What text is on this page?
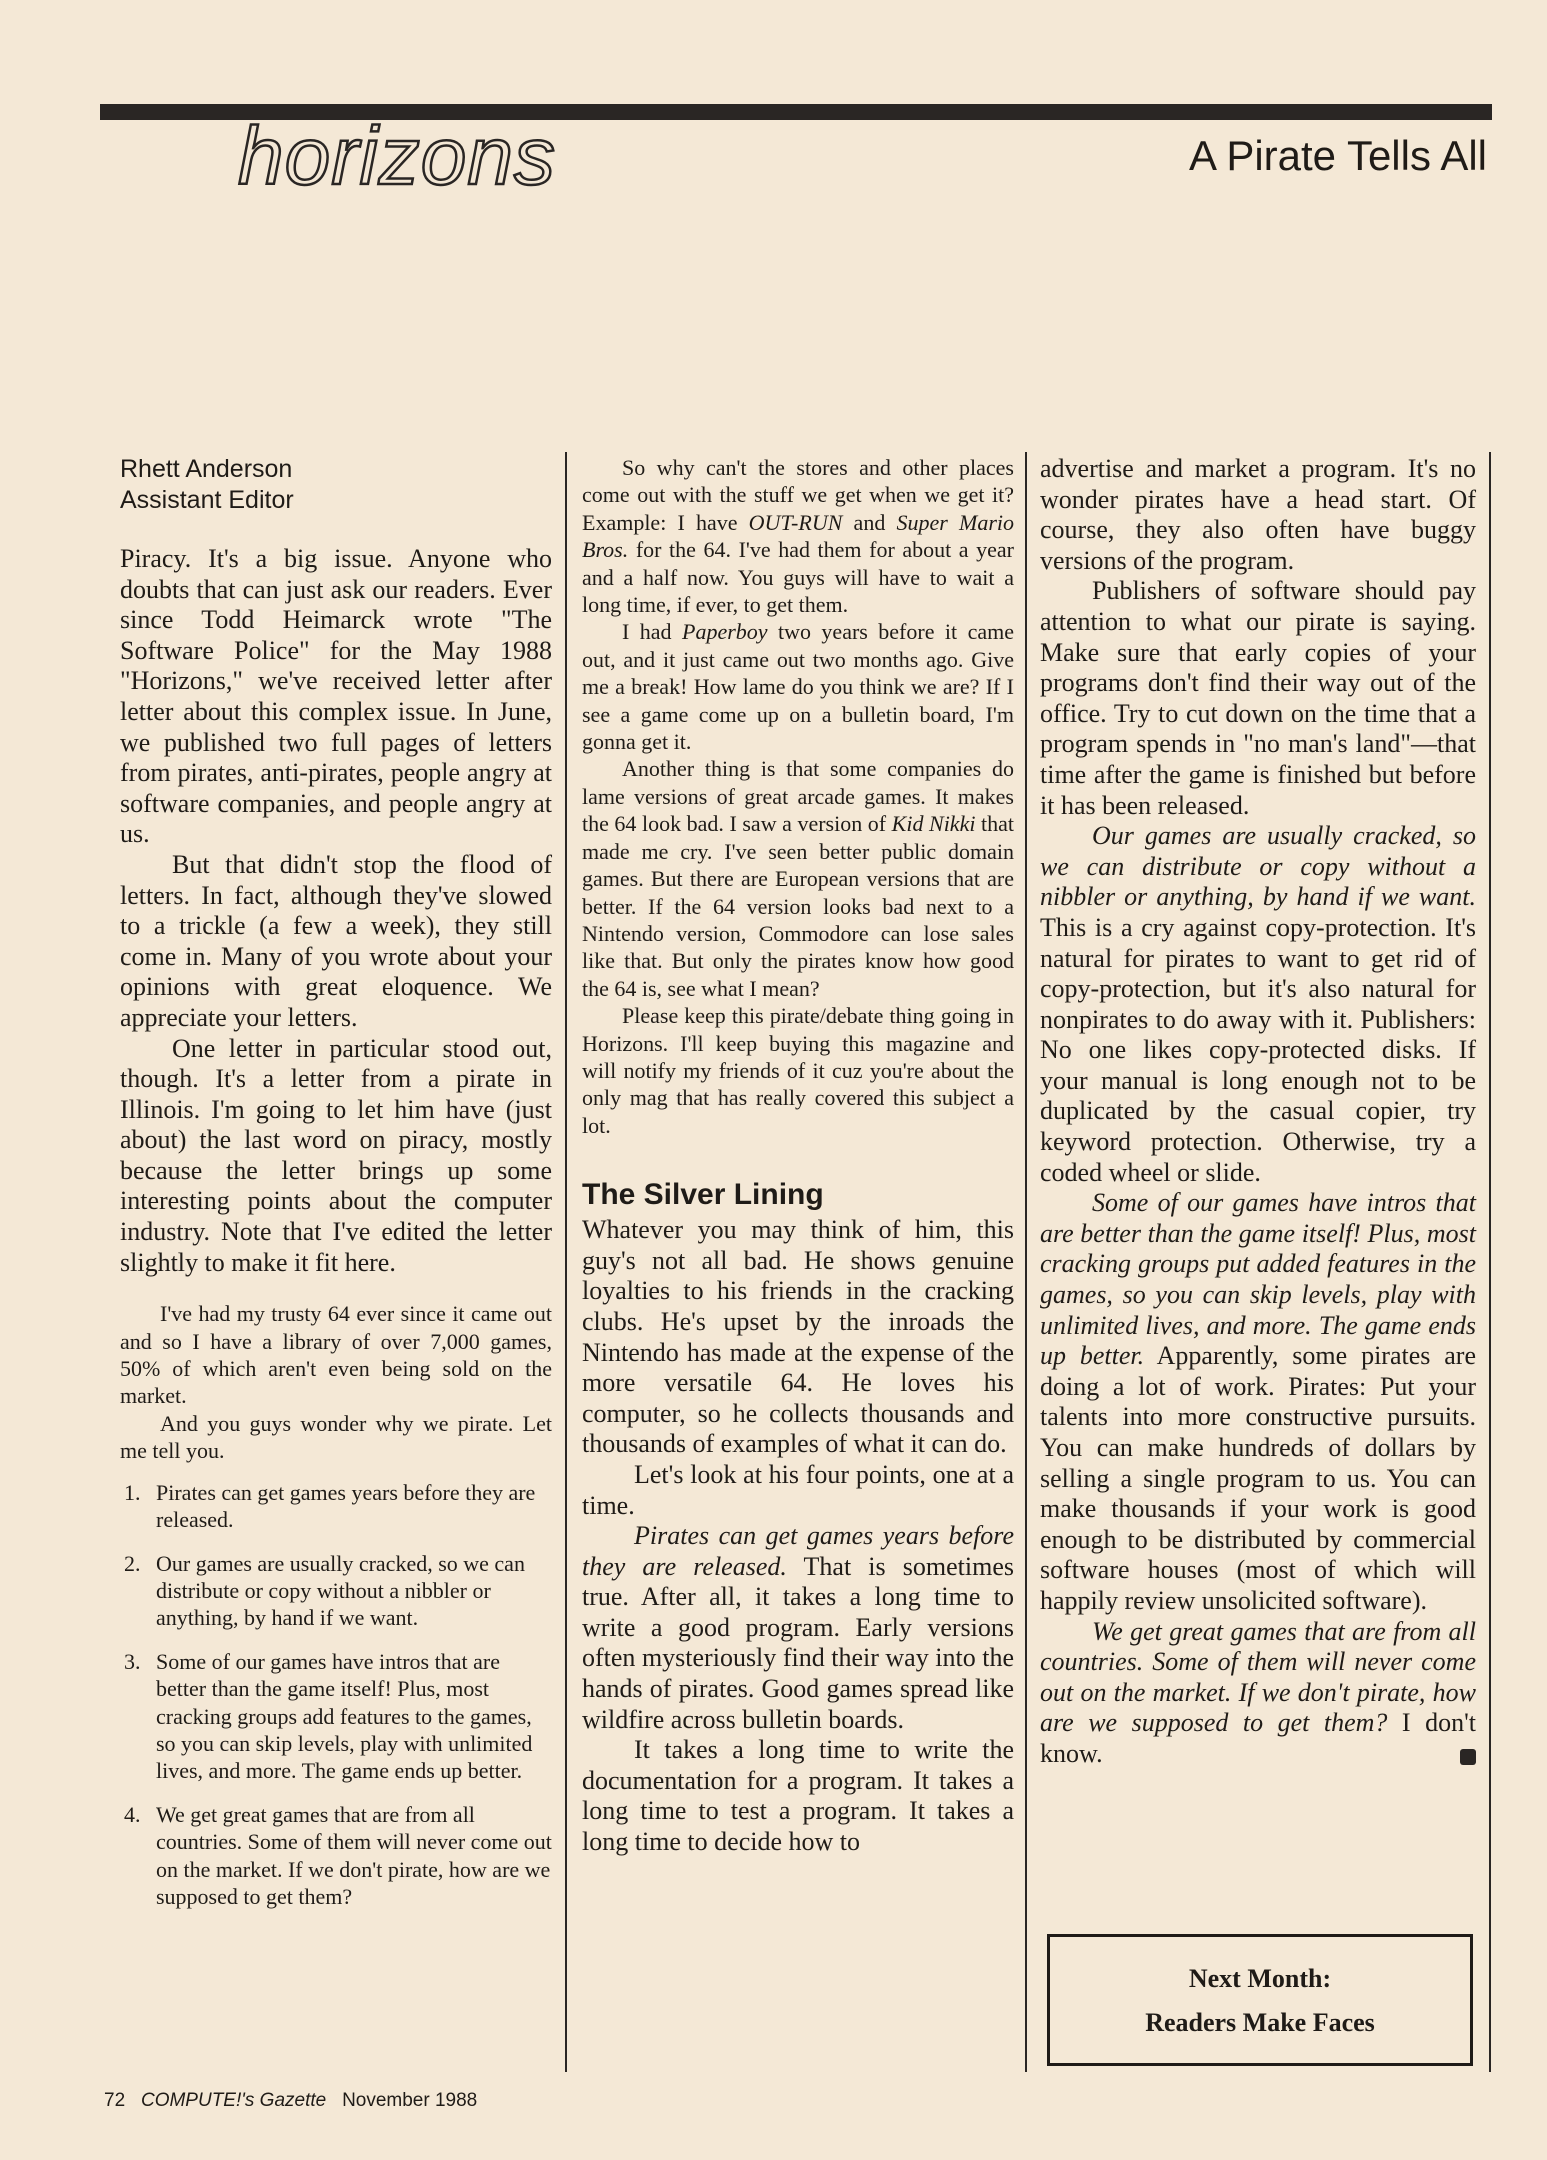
horizons	A Pirate Tells All
Rhett Anderson
Assistant Editor

Piracy. It's a big issue. Anyone who doubts that can just ask our readers. Ever since Todd Heimarck wrote "The Software Police" for the May 1988 "Horizons," we've received letter after letter about this complex issue. In June, we published two full pages of letters from pirates, anti-pirates, people angry at software companies, and people angry at us.

But that didn't stop the flood of letters. In fact, although they've slowed to a trickle (a few a week), they still come in. Many of you wrote about your opinions with great eloquence. We appreciate your letters.

One letter in particular stood out, though. It's a letter from a pirate in Illinois. I'm going to let him have (just about) the last word on piracy, mostly because the letter brings up some interesting points about the computer industry. Note that I've edited the letter slightly to make it fit here.

I've had my trusty 64 ever since it came out and so I have a library of over 7,000 games, 50% of which aren't even being sold on the market.

And you guys wonder why we pirate. Let me tell you.

1. Pirates can get games years before they are released.
2. Our games are usually cracked, so we can distribute or copy without a nibbler or anything, by hand if we want.
3. Some of our games have intros that are better than the game itself! Plus, most cracking groups add features to the games, so you can skip levels, play with unlimited lives, and more. The game ends up better.
4. We get great games that are from all countries. Some of them will never come out on the market. If we don't pirate, how are we supposed to get them?

So why can't the stores and other places come out with the stuff we get when we get it? Example: I have OUT-RUN and Super Mario Bros. for the 64. I've had them for about a year and a half now. You guys will have to wait a long time, if ever, to get them.

I had Paperboy two years before it came out, and it just came out two months ago. Give me a break! How lame do you think we are? If I see a game come up on a bulletin board, I'm gonna get it.

Another thing is that some companies do lame versions of great arcade games. It makes the 64 look bad. I saw a version of Kid Nikki that made me cry. I've seen better public domain games. But there are European versions that are better. If the 64 version looks bad next to a Nintendo version, Commodore can lose sales like that. But only the pirates know how good the 64 is, see what I mean?

Please keep this pirate/debate thing going in Horizons. I'll keep buying this magazine and will notify my friends of it cuz you're about the only mag that has really covered this subject a lot.

The Silver Lining

Whatever you may think of him, this guy's not all bad. He shows genuine loyalties to his friends in the cracking clubs. He's upset by the inroads the Nintendo has made at the expense of the more versatile 64. He loves his computer, so he collects thousands and thousands of examples of what it can do.

Let's look at his four points, one at a time.

Pirates can get games years before they are released. That is sometimes true. After all, it takes a long time to write a good program. Early versions often mysteriously find their way into the hands of pirates. Good games spread like wildfire across bulletin boards.

It takes a long time to write the documentation for a program. It takes a long time to test a program. It takes a long time to decide how to

advertise and market a program. It's no wonder pirates have a head start. Of course, they also often have buggy versions of the program.

Publishers of software should pay attention to what our pirate is saying. Make sure that early copies of your programs don't find their way out of the office. Try to cut down on the time that a program spends in "no man's land"—that time after the game is finished but before it has been released.

Our games are usually cracked, so we can distribute or copy without a nibbler or anything, by hand if we want. This is a cry against copy-protection. It's natural for pirates to want to get rid of copy-protection, but it's also natural for nonpirates to do away with it. Publishers: No one likes copy-protected disks. If your manual is long enough not to be duplicated by the casual copier, try keyword protection. Otherwise, try a coded wheel or slide.

Some of our games have intros that are better than the game itself! Plus, most cracking groups put added features in the games, so you can skip levels, play with unlimited lives, and more. The game ends up better. Apparently, some pirates are doing a lot of work. Pirates: Put your talents into more constructive pursuits. You can make hundreds of dollars by selling a single program to us. You can make thousands if your work is good enough to be distributed by commercial software houses (most of which will happily review unsolicited software).

We get great games that are from all countries. Some of them will never come out on the market. If we don't pirate, how are we supposed to get them? I don't know.

Next Month:
Readers Make Faces
72 COMPUTE!'s Gazette November 1988
